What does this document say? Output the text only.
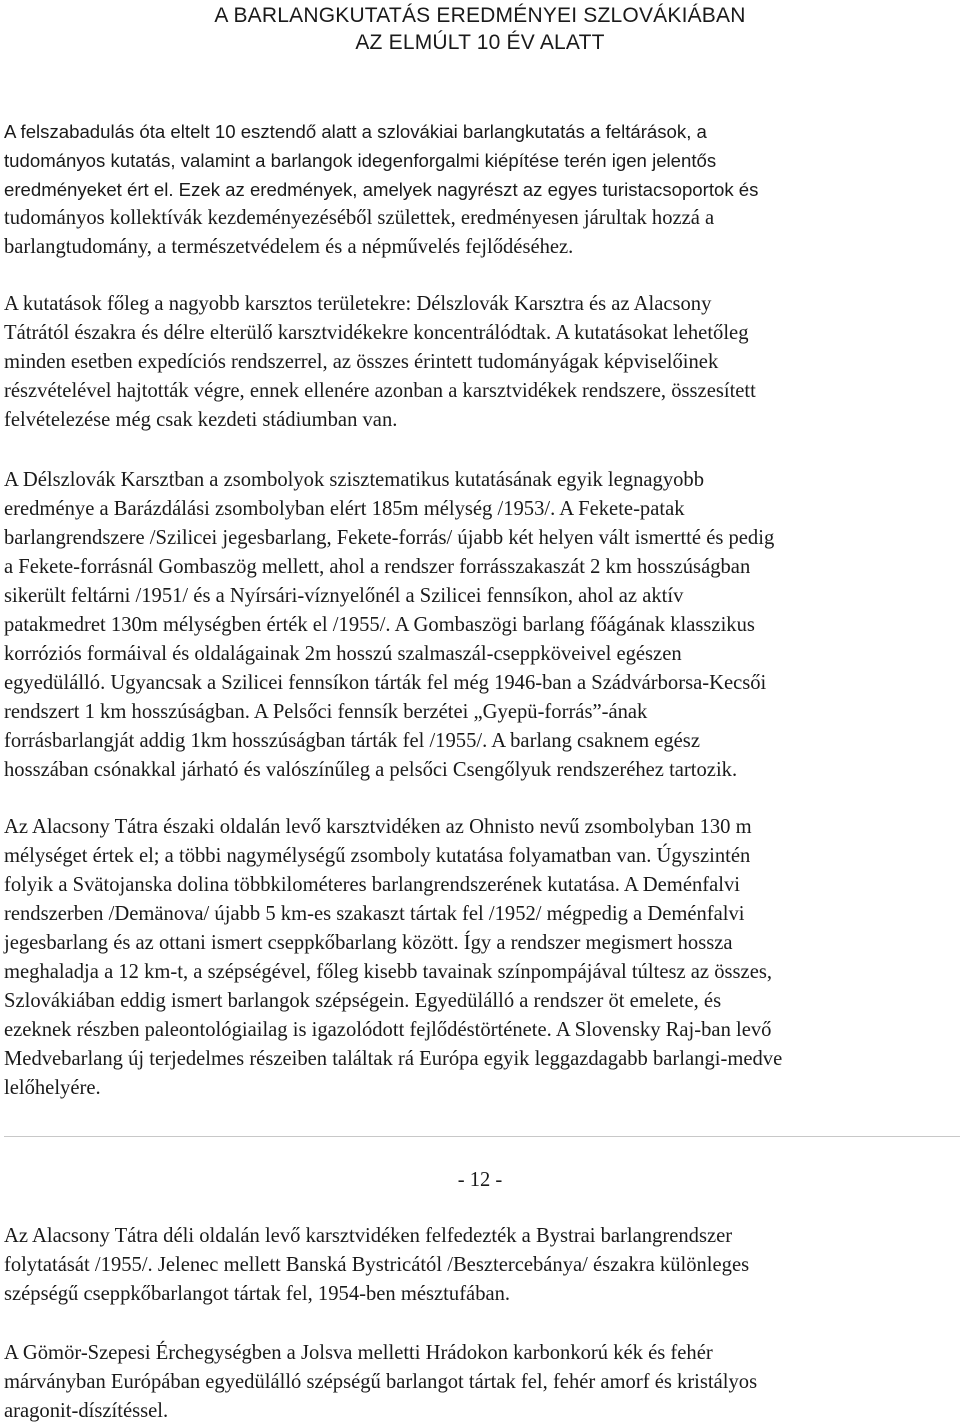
A BARLANGKUTATÁS EREDMÉNYEI SZLOVÁKIÁBAN
AZ ELMÚLT 10 ÉV ALATT
A felszabadulás óta eltelt 10 esztendő alatt a szlovákiai barlangkutatás a feltárások, a
tudományos kutatás, valamint a barlangok idegenforgalmi kiépítése terén igen jelentős
eredményeket ért el. Ezek az eredmények, amelyek nagyrészt az egyes turistacsoportok és
tudományos kollektívák kezdeményezéséből születtek, eredményesen járultak hozzá a
barlangtudomány, a természetvédelem és a népművelés fejlődéséhez.
A kutatások főleg a nagyobb karsztos területekre: Délszlovák Karsztra és az Alacsony
Tátrától északra és délre elterülő karsztvidékekre koncentrálódtak. A kutatásokat lehetőleg
minden esetben expedíciós rendszerrel, az összes érintett tudományágak képviselőinek
részvételével hajtották végre, ennek ellenére azonban a karsztvidékek rendszere, összesített
felvételezése még csak kezdeti stádiumban van.
A Délszlovák Karsztban a zsombolyok szisztematikus kutatásának egyik legnagyobb
eredménye a Barázdálási zsombolyban elért 185m mélység /1953/. A Fekete-patak
barlangrendszere /Szilicei jegesbarlang, Fekete-forrás/ újabb két helyen vált ismertté és pedig
a Fekete-forrásnál Gombaszög mellett, ahol a rendszer forrásszakaszát 2 km hosszúságban
sikerült feltárni /1951/ és a Nyírsári-víznyelőnél a Szilicei fennsíkon, ahol az aktív
patakmedret 130m mélységben érték el /1955/. A Gombaszögi barlang főágának klasszikus
korróziós formáival és oldalágainak 2m hosszú szalmaszál-cseppköveivel egészen
egyedülálló. Ugyancsak a Szilicei fennsíkon tárták fel még 1946-ban a Szádvárborsa-Kecsői
rendszert 1 km hosszúságban. A Pelsőci fennsík berzétei „Gyepü-forrás”-ának
forrásbarlangját addig 1km hosszúságban tárták fel /1955/. A barlang csaknem egész
hosszában csónakkal járható és valószínűleg a pelsőci Csengőlyuk rendszeréhez tartozik.
Az Alacsony Tátra északi oldalán levő karsztvidéken az Ohnisto nevű zsombolyban 130 m
mélységet értek el; a többi nagymélységű zsomboly kutatása folyamatban van. Úgyszintén
folyik a Svätojanska dolina többkilométeres barlangrendszerének kutatása. A Deménfalvi
rendszerben /Demänova/ újabb 5 km-es szakaszt tártak fel /1952/ mégpedig a Deménfalvi
jegesbarlang és az ottani ismert cseppkőbarlang között. Így a rendszer megismert hossza
meghaladja a 12 km-t, a szépségével, főleg kisebb tavainak színpompájával túltesz az összes,
Szlovákiában eddig ismert barlangok szépségein. Egyedülálló a rendszer öt emelete, és
ezeknek részben paleontológiailag is igazolódott fejlődéstörténete. A Slovensky Raj-ban levő
Medvebarlang új terjedelmes részeiben találtak rá Európa egyik leggazdagabb barlangi-medve
lelőhelyére.
- 12 -
Az Alacsony Tátra déli oldalán levő karsztvidéken felfedezték a Bystrai barlangrendszer
folytatását /1955/. Jelenec mellett Banská Bystricától /Besztercebánya/ északra különleges
szépségű cseppkőbarlangot tártak fel, 1954-ben mésztufában.
A Gömör-Szepesi Érchegységben a Jolsva melletti Hrádokon karbonkorú kék és fehér
márványban Európában egyedülálló szépségű barlangot tártak fel, fehér amorf és kristályos
aragonit-díszítéssel.
